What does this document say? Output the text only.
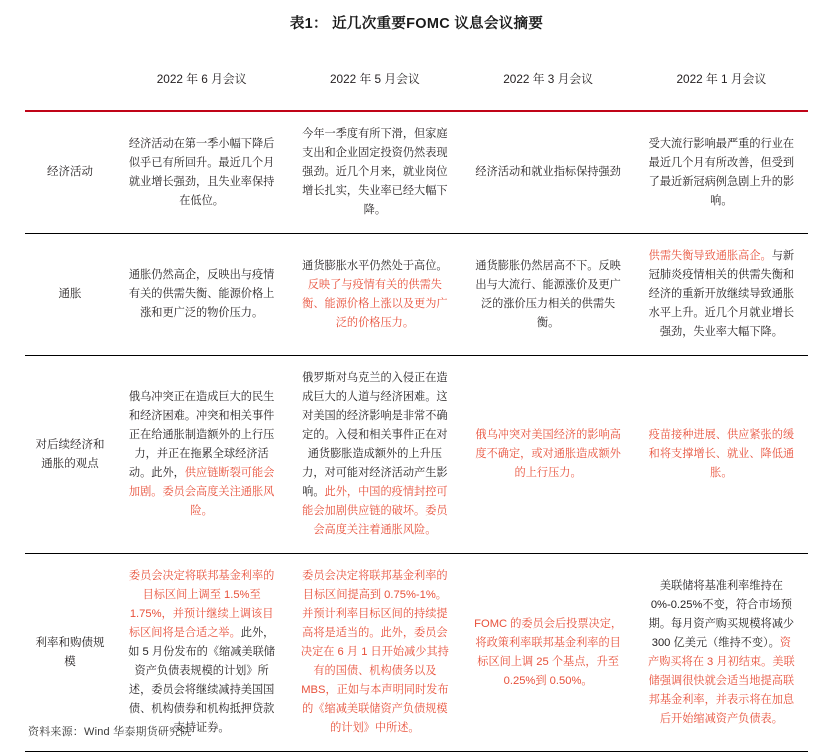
表1： 近几次重要FOMC 议息会议摘要
	2022 年 6 月会议	2022 年 5 月会议	2022 年 3 月会议	2022 年 1 月会议
经济活动	经济活动在第一季小幅下降后似乎已有所回升。最近几个月就业增长强劲，且失业率保持在低位。	今年一季度有所下滑，但家庭支出和企业固定投资仍然表现强劲。近几个月来，就业岗位增长扎实，失业率已经大幅下降。	经济活动和就业指标保持强劲	受大流行影响最严重的行业在最近几个月有所改善，但受到了最近新冠病例急剧上升的影响。

通胀	通胀仍然高企，反映出与疫情有关的供需失衡、能源价格上涨和更广泛的物价压力。	通货膨胀水平仍然处于高位。反映了与疫情有关的供需失衡、能源价格上涨以及更为广泛的价格压力。	通货膨胀仍然居高不下。反映出与大流行、能源涨价及更广泛的涨价压力相关的供需失衡。	供需失衡导致通胀高企。与新冠肺炎疫情相关的供需失衡和经济的重新开放继续导致通胀水平上升。近几个月就业增长强劲，失业率大幅下降。

对后续经济和通胀的观点	俄乌冲突正在造成巨大的民生和经济困难。冲突和相关事件正在给通胀制造额外的上行压力，并正在拖累全球经济活动。此外，供应链断裂可能会加剧。委员会高度关注通胀风险。	俄罗斯对乌克兰的入侵正在造成巨大的人道与经济困难。这对美国的经济影响是非常不确定的。入侵和相关事件正在对通货膨胀造成额外的上升压力，对可能对经济活动产生影响。此外，中国的疫情封控可能会加剧供应链的破坏。委员会高度关注着通胀风险。	俄乌冲突对美国经济的影响高度不确定，或对通胀造成额外的上行压力。	疫苗接种进展、供应紧张的缓和将支撑增长、就业、降低通胀。

利率和购债规模	委员会决定将联邦基金利率的目标区间上调至 1.5%至 1.75%，并预计继续上调该目标区间将是合适之举。此外，如 5 月份发布的《缩减美联储资产负债表规模的计划》所述，委员会将继续减持美国国债、机构债券和机构抵押贷款支持证券。	委员会决定将联邦基金利率的目标区间提高到 0.75%-1%。并预计利率目标区间的持续提高将是适当的。此外，委员会决定在 6 月 1 日开始减少其持有的国债、机构债务以及 MBS，正如与本声明同时发布的《缩减美联储资产负债规模的计划》中所述。	FOMC 的委员会后投票决定，将政策利率联邦基金利率的目标区间上调 25 个基点，升至 0.25%到 0.50%。	美联储将基准利率维持在 0%-0.25%不变，符合市场预期。每月资产购买规模将减少 300 亿美元（维持不变）。资产购买将在 3 月初结束。美联储强调很快就会适当地提高联邦基金利率，并表示将在加息后开始缩减资产负债表。

资料来源：Wind 华泰期货研究院
